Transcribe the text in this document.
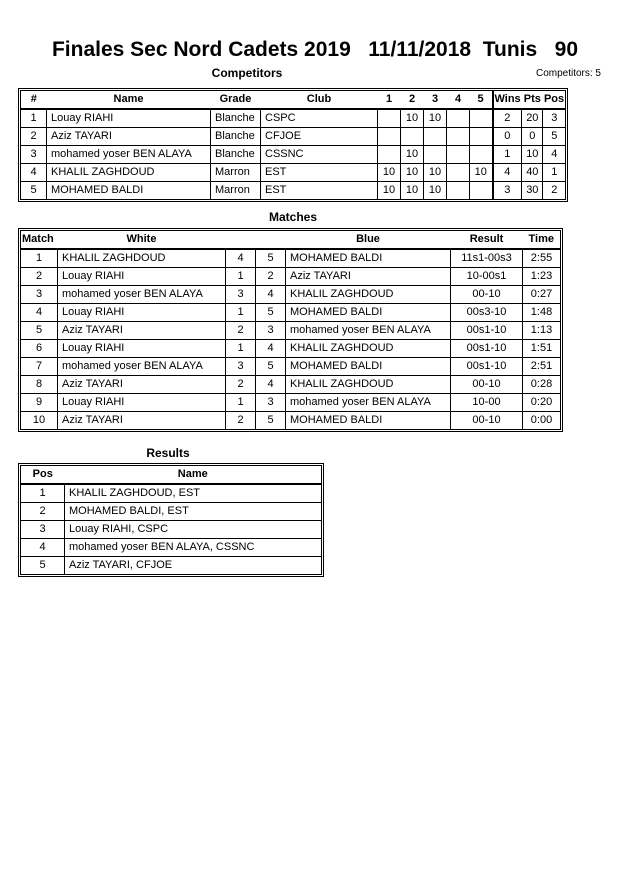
Finales Sec Nord Cadets 2019   11/11/2018  Tunis   90
Competitors	Competitors: 5
#	Name	Grade	Club	1	2	3	4	5	Wins	Pts	Pos
1	Louay RIAHI	Blanche	CSPC		10	10			2	20	3
2	Aziz TAYARI	Blanche	CFJOE						0	0	5
3	mohamed yoser BEN ALAYA	Blanche	CSSNC		10				1	10	4
4	KHALIL ZAGHDOUD	Marron	EST	10	10	10		10	4	40	1
5	MOHAMED BALDI	Marron	EST	10	10	10			3	30	2
Matches
Match	White			Blue	Result	Time
1	KHALIL ZAGHDOUD	4	5	MOHAMED BALDI	11s1-00s3	2:55
2	Louay RIAHI	1	2	Aziz TAYARI	10-00s1	1:23
3	mohamed yoser BEN ALAYA	3	4	KHALIL ZAGHDOUD	00-10	0:27
4	Louay RIAHI	1	5	MOHAMED BALDI	00s3-10	1:48
5	Aziz TAYARI	2	3	mohamed yoser BEN ALAYA	00s1-10	1:13
6	Louay RIAHI	1	4	KHALIL ZAGHDOUD	00s1-10	1:51
7	mohamed yoser BEN ALAYA	3	5	MOHAMED BALDI	00s1-10	2:51
8	Aziz TAYARI	2	4	KHALIL ZAGHDOUD	00-10	0:28
9	Louay RIAHI	1	3	mohamed yoser BEN ALAYA	10-00	0:20
10	Aziz TAYARI	2	5	MOHAMED BALDI	00-10	0:00
Results
Pos	Name
1	KHALIL ZAGHDOUD, EST
2	MOHAMED BALDI, EST
3	Louay RIAHI, CSPC
4	mohamed yoser BEN ALAYA, CSSNC
5	Aziz TAYARI, CFJOE
